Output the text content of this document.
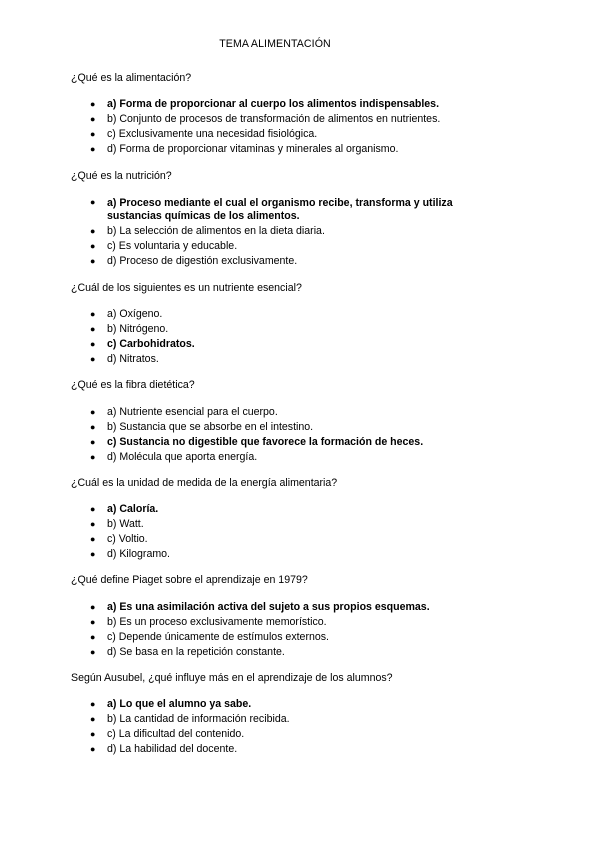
TEMA ALIMENTACIÓN

¿Qué es la alimentación?

● a) Forma de proporcionar al cuerpo los alimentos indispensables.
● b) Conjunto de procesos de transformación de alimentos en nutrientes.
● c) Exclusivamente una necesidad fisiológica.
● d) Forma de proporcionar vitaminas y minerales al organismo.

¿Qué es la nutrición?

● a) Proceso mediante el cual el organismo recibe, transforma y utiliza sustancias químicas de los alimentos.
● b) La selección de alimentos en la dieta diaria.
● c) Es voluntaria y educable.
● d) Proceso de digestión exclusivamente.

¿Cuál de los siguientes es un nutriente esencial?

● a) Oxígeno.
● b) Nitrógeno.
● c) Carbohidratos.
● d) Nitratos.

¿Qué es la fibra dietética?

● a) Nutriente esencial para el cuerpo.
● b) Sustancia que se absorbe en el intestino.
● c) Sustancia no digestible que favorece la formación de heces.
● d) Molécula que aporta energía.

¿Cuál es la unidad de medida de la energía alimentaria?

● a) Caloría.
● b) Watt.
● c) Voltio.
● d) Kilogramo.

¿Qué define Piaget sobre el aprendizaje en 1979?

● a) Es una asimilación activa del sujeto a sus propios esquemas.
● b) Es un proceso exclusivamente memorístico.
● c) Depende únicamente de estímulos externos.
● d) Se basa en la repetición constante.

Según Ausubel, ¿qué influye más en el aprendizaje de los alumnos?

● a) Lo que el alumno ya sabe.
● b) La cantidad de información recibida.
● c) La dificultad del contenido.
● d) La habilidad del docente.
